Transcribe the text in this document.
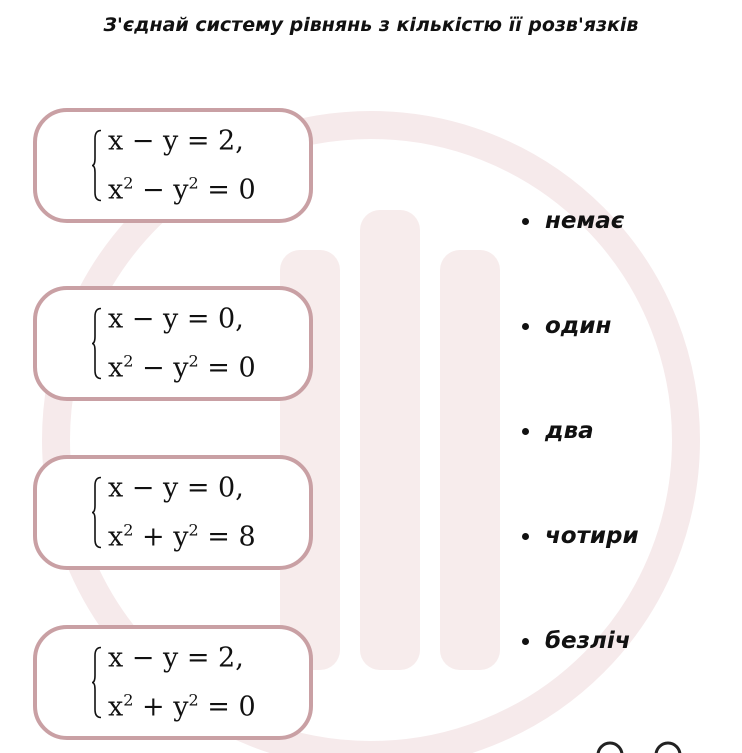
З'єднай систему рівнянь з кількістю її розв'язків
x − y = 2,
$x^2 - y^2 = 0$
x − y = 0,
$x^2 - y^2 = 0$
x − y = 0,
$x^2 + y^2 = 8$
x − y = 2,
$x^2 + y^2 = 0$
немає
один
два
чотири
безліч
